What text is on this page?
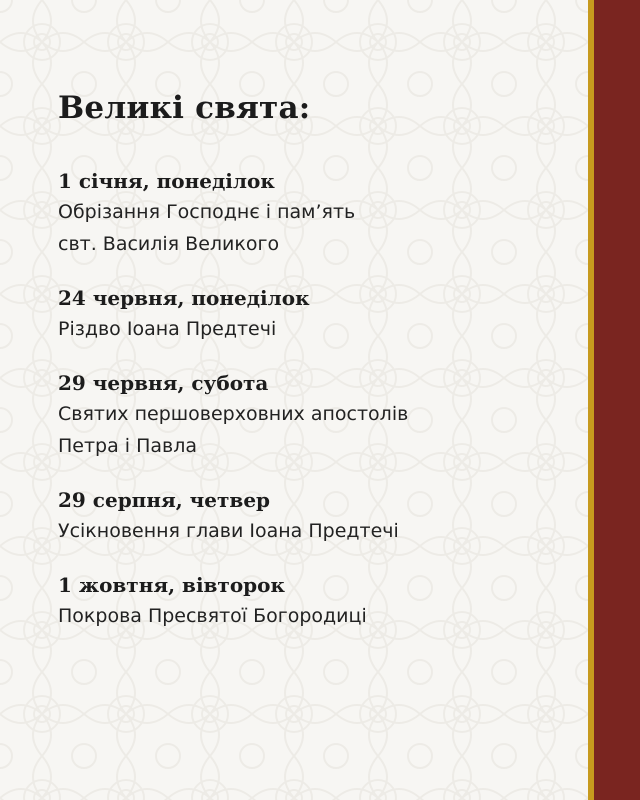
Великі свята:

1 січня, понеділок

Обрізання Господнє і пам’ять

свт. Василія Великого

24 червня, понеділок

Різдво Іоана Предтечі

29 червня, субота

Святих першоверховних апостолів

Петра і Павла

29 серпня, четвер

Усікновення глави Іоана Предтечі

1 жовтня, вівторок

Покрова Пресвятої Богородиці
